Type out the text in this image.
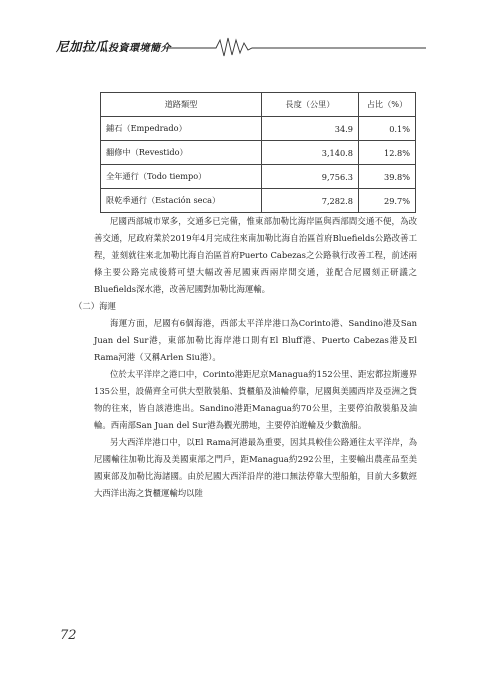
尼加拉瓜投資環境簡介
道路類型	長度（公里）	占比（%）
鋪石（Empedrado）	34.9	0.1%
翻修中（Revestido）	3,140.8	12.8%
全年通行（Todo tiempo）	9,756.3	39.8%
限乾季通行（Estación seca）	7,282.8	29.7%

尼國西部城市眾多，交通多已完備，惟東部加勒比海岸區與西部間交通不便，為改善交通，尼政府業於2019年4月完成往來南加勒比海自治區首府Bluefields公路改善工程，並刻就往來北加勒比海自治區首府Puerto Cabezas之公路執行改善工程，前述兩條主要公路完成後將可望大幅改善尼國東西兩岸間交通，並配合尼國刻正研議之Bluefields深水港，改善尼國對加勒比海運輸。

（二）海運

海運方面，尼國有6個海港，西部太平洋岸港口為Corinto港、Sandino港及San Juan del Sur港，東部加勒比海岸港口則有El Bluff港、Puerto Cabezas港及El Rama河港（又稱Arlen Siu港）。

位於太平洋岸之港口中，Corinto港距尼京Managua約152公里、距宏都拉斯邊界135公里，設備齊全可供大型散裝船、貨櫃船及油輪停靠，尼國與美國西岸及亞洲之貨物的往來，皆自該港進出。Sandino港距Managua約70公里，主要停泊散裝船及油輪。西南部San Juan del Sur港為觀光勝地，主要停泊遊輪及少數漁船。

另大西洋岸港口中，以El Rama河港最為重要，因其具較佳公路通往太平洋岸，為尼國輸往加勒比海及美國東部之門戶，距Managua約292公里，主要輸出農產品至美國東部及加勒比海諸國。由於尼國大西洋沿岸的港口無法停靠大型船舶，目前大多數經大西洋出海之貨櫃運輸均以陸

72
